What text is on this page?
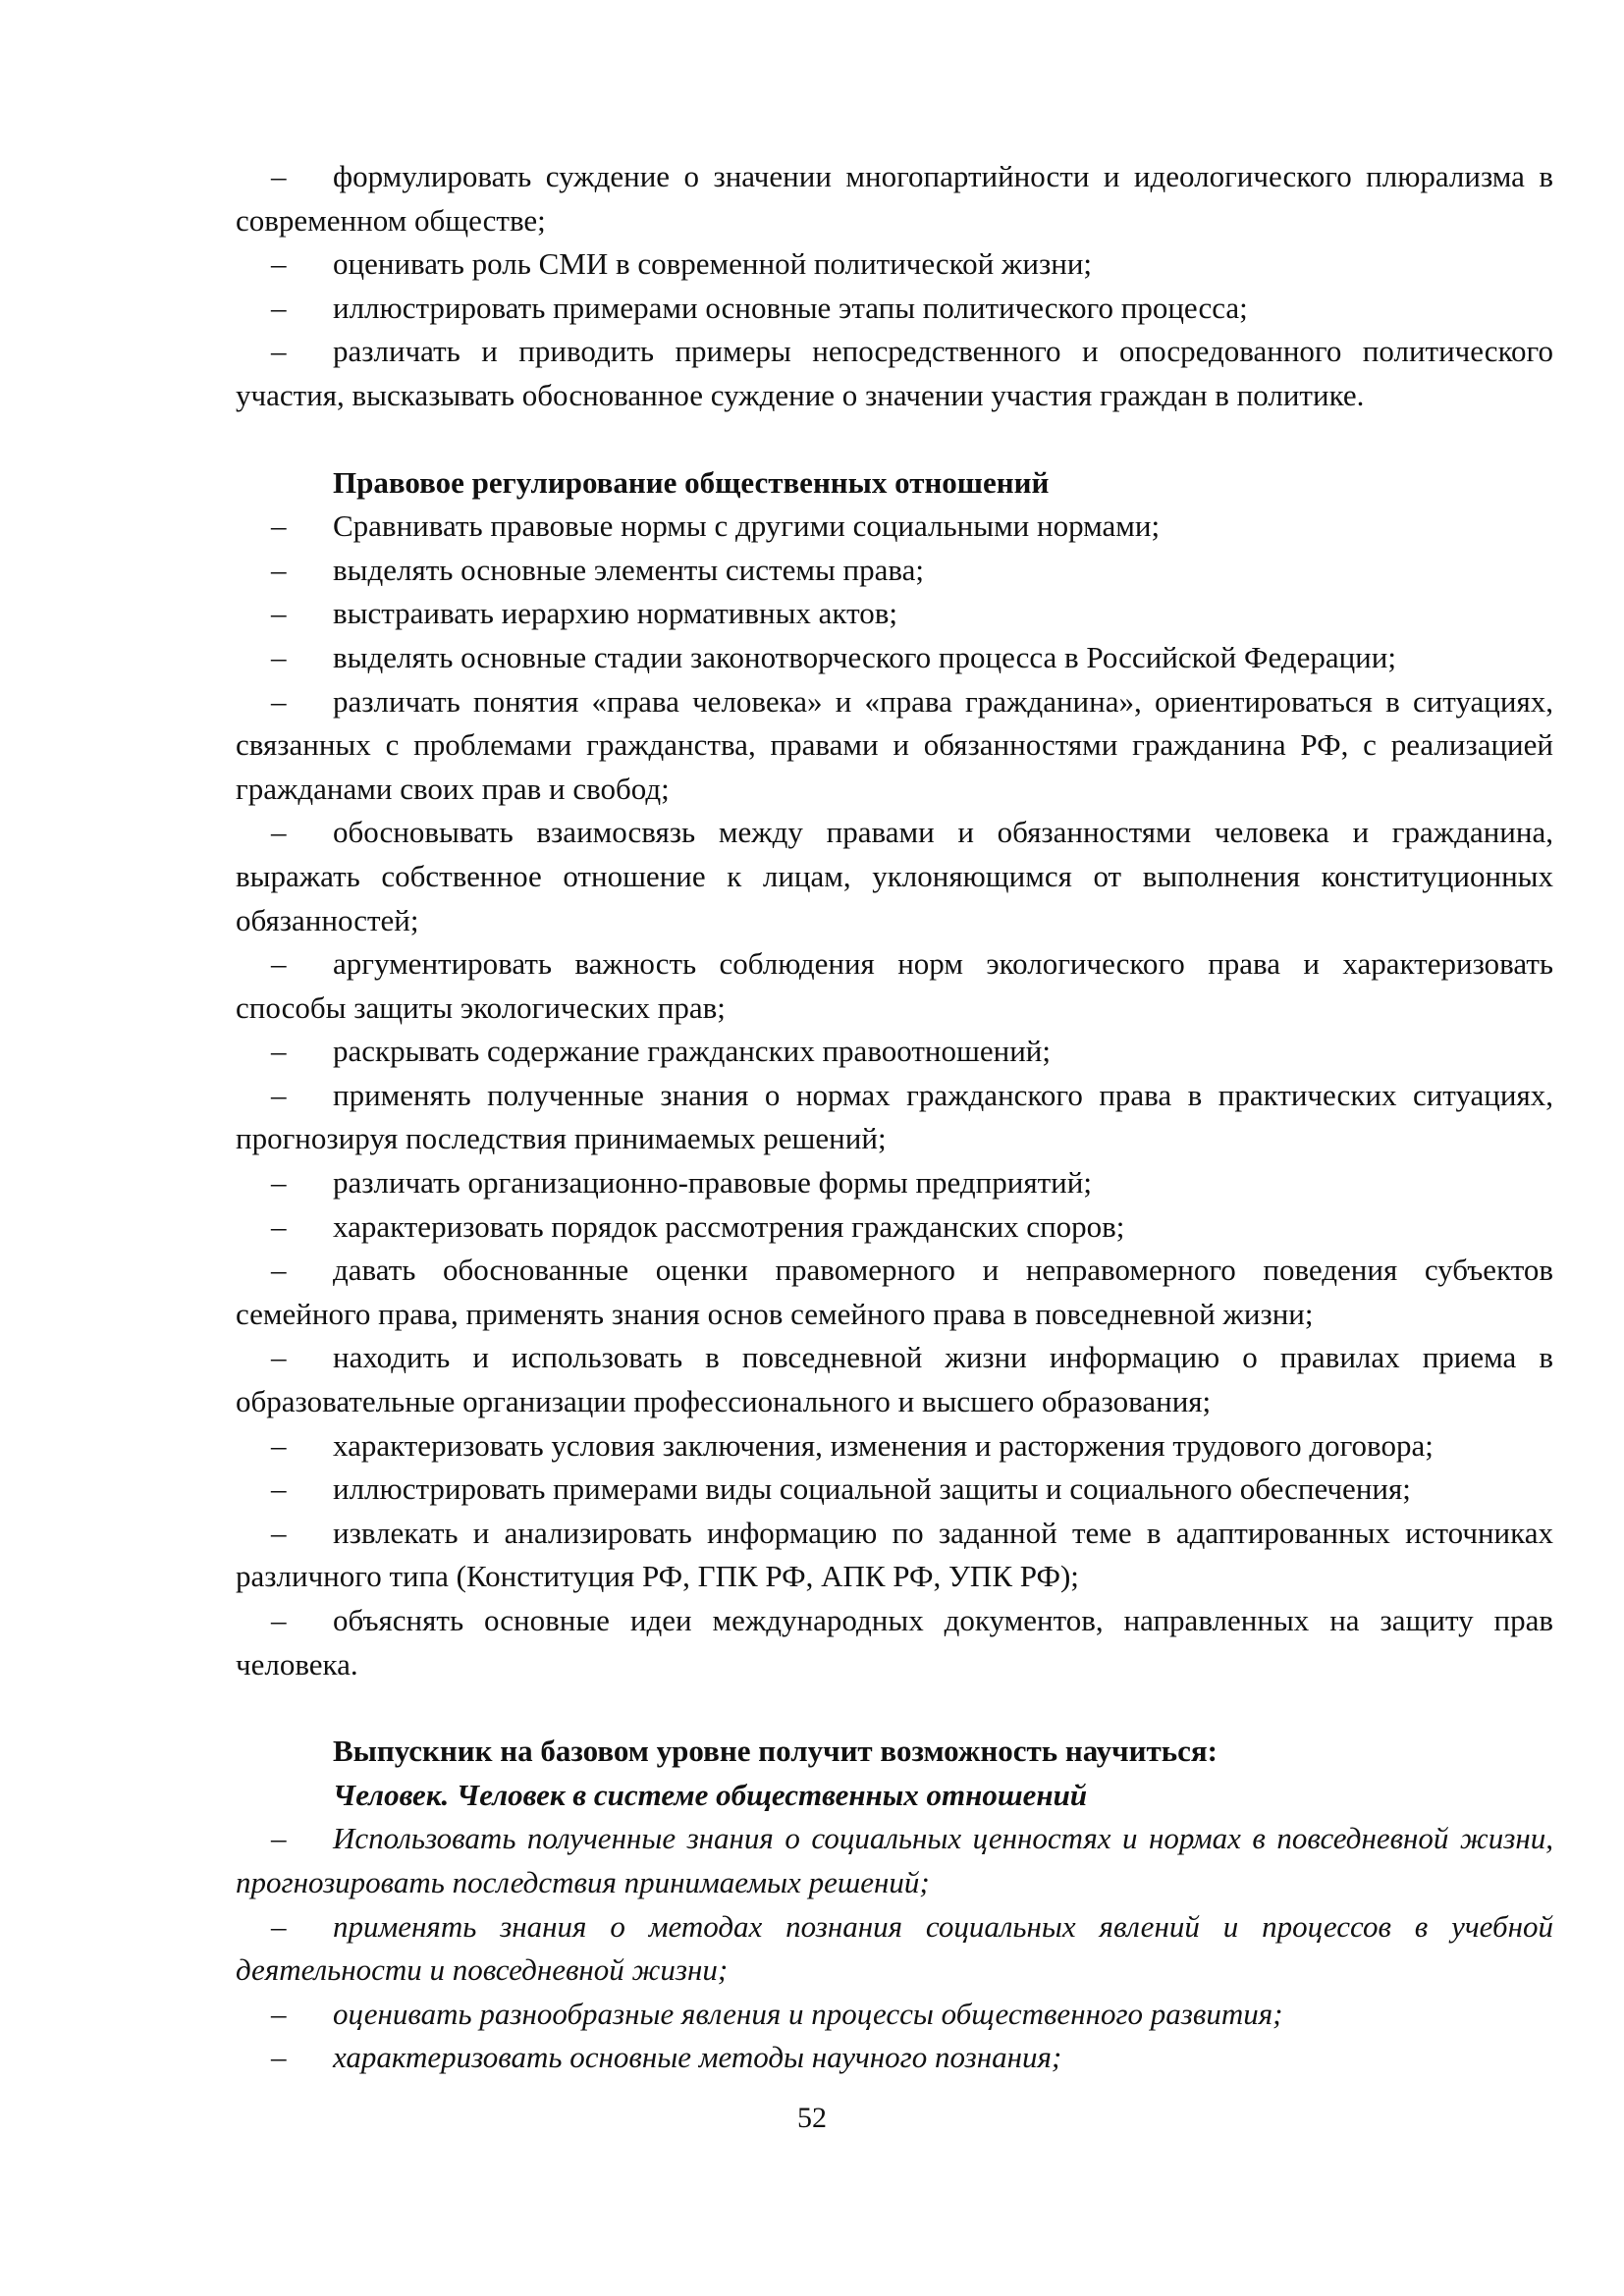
– формулировать суждение о значении многопартийности и идеологического плюрализма в современном обществе;

– оценивать роль СМИ в современной политической жизни;

– иллюстрировать примерами основные этапы политического процесса;

– различать и приводить примеры непосредственного и опосредованного политического участия, высказывать обоснованное суждение о значении участия граждан в политике.

Правовое регулирование общественных отношений

– Сравнивать правовые нормы с другими социальными нормами;

– выделять основные элементы системы права;

– выстраивать иерархию нормативных актов;

– выделять основные стадии законотворческого процесса в Российской Федерации;

– различать понятия «права человека» и «права гражданина», ориентироваться в ситуациях, связанных с проблемами гражданства, правами и обязанностями гражданина РФ, с реализацией гражданами своих прав и свобод;

– обосновывать взаимосвязь между правами и обязанностями человека и гражданина, выражать собственное отношение к лицам, уклоняющимся от выполнения конституционных обязанностей;

– аргументировать важность соблюдения норм экологического права и характеризовать способы защиты экологических прав;

– раскрывать содержание гражданских правоотношений;

– применять полученные знания о нормах гражданского права в практических ситуациях, прогнозируя последствия принимаемых решений;

– различать организационно-правовые формы предприятий;

– характеризовать порядок рассмотрения гражданских споров;

– давать обоснованные оценки правомерного и неправомерного поведения субъектов семейного права, применять знания основ семейного права в повседневной жизни;

– находить и использовать в повседневной жизни информацию о правилах приема в образовательные организации профессионального и высшего образования;

– характеризовать условия заключения, изменения и расторжения трудового договора;

– иллюстрировать примерами виды социальной защиты и социального обеспечения;

– извлекать и анализировать информацию по заданной теме в адаптированных источниках различного типа (Конституция РФ, ГПК РФ, АПК РФ, УПК РФ);

– объяснять основные идеи международных документов, направленных на защиту прав человека.

Выпускник на базовом уровне получит возможность научиться:

Человек. Человек в системе общественных отношений

– Использовать полученные знания о социальных ценностях и нормах в повседневной жизни, прогнозировать последствия принимаемых решений;

– применять знания о методах познания социальных явлений и процессов в учебной деятельности и повседневной жизни;

– оценивать разнообразные явления и процессы общественного развития;

– характеризовать основные методы научного познания;

52
